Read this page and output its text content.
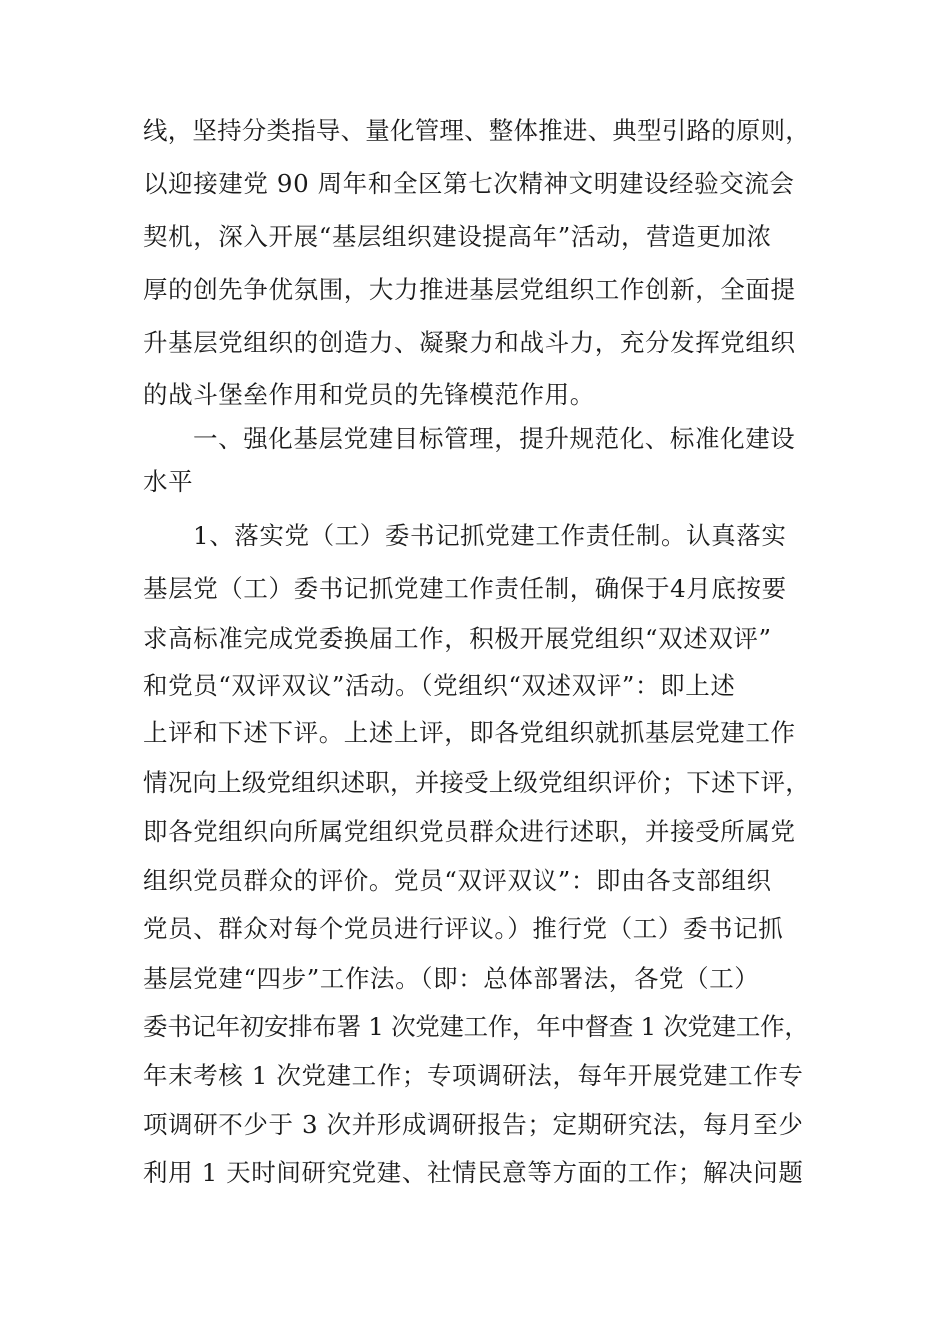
线，坚持分类指导、量化管理、整体推进、典型引路的原则，
以迎接建党 90 周年和全区第七次精神文明建设经验交流会
契机，深入开展“基层组织建设提高年”活动，营造更加浓
厚的创先争优氛围，大力推进基层党组织工作创新，全面提
升基层党组织的创造力、凝聚力和战斗力，充分发挥党组织
的战斗堡垒作用和党员的先锋模范作用。
一、强化基层党建目标管理，提升规范化、标准化建设
水平
1、落实党（工）委书记抓党建工作责任制。认真落实
基层党（工）委书记抓党建工作责任制，确保于4月底按要
求高标准完成党委换届工作，积极开展党组织“双述双评”
和党员“双评双议”活动。（党组织“双述双评”：即上述
上评和下述下评。上述上评，即各党组织就抓基层党建工作
情况向上级党组织述职，并接受上级党组织评价；下述下评，
即各党组织向所属党组织党员群众进行述职，并接受所属党
组织党员群众的评价。党员“双评双议”：即由各支部组织
党员、群众对每个党员进行评议。）推行党（工）委书记抓
基层党建“四步”工作法。（即：总体部署法，各党（工）
委书记年初安排布署 1 次党建工作，年中督查 1 次党建工作，
年末考核 1 次党建工作；专项调研法，每年开展党建工作专
项调研不少于 3 次并形成调研报告；定期研究法，每月至少
利用 1 天时间研究党建、社情民意等方面的工作；解决问题
